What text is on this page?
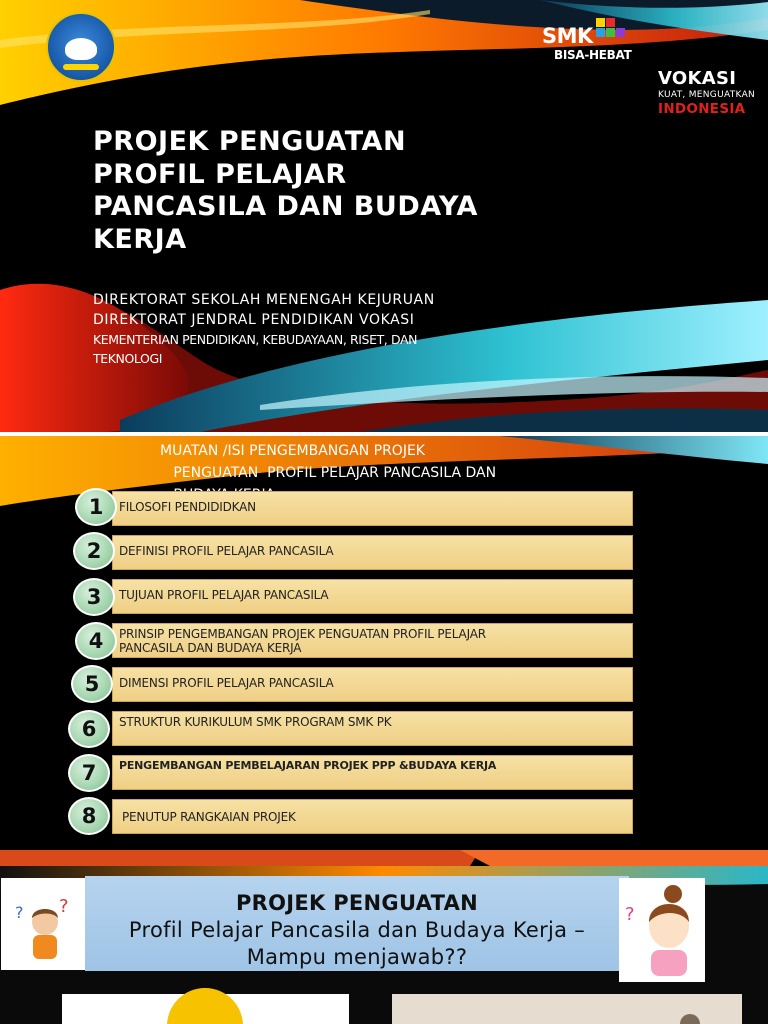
SMK
BISA-HEBAT
VOKASI
KUAT, MENGUATKAN
INDONESIA
PROJEK PENGUATAN PROFIL PELAJAR PANCASILA DAN BUDAYA KERJA
DIREKTORAT SEKOLAH MENENGAH KEJURUAN DIREKTORAT JENDRAL PENDIDIKAN VOKASI
KEMENTERIAN PENDIDIKAN, KEBUDAYAAN, RISET, DAN TEKNOLOGI
MUATAN /ISI PENGEMBANGAN PROJEK
PENGUATAN  PROFIL PELAJAR PANCASILA DAN

FILOSOFI PENDIDIDKAN
1
DEFINISI PROFIL PELAJAR PANCASILA
2
TUJUAN PROFIL PELAJAR PANCASILA
3
PRINSIP PENGEMBANGAN PROJEK PENGUATAN PROFIL PELAJAR PANCASILA DAN BUDAYA KERJA
4
DIMENSI PROFIL PELAJAR PANCASILA
5
STRUKTUR KURIKULUM SMK PROGRAM SMK PK
6
PENGEMBANGAN PEMBELAJARAN PROJEK PPP &BUDAYA KERJA
7
PENUTUP RANGKAIAN PROJEK
8
? ?	PROJEK PENGUATAN
Profil Pelajar Pancasila dan Budaya Kerja –
Mampu menjawab??
?
